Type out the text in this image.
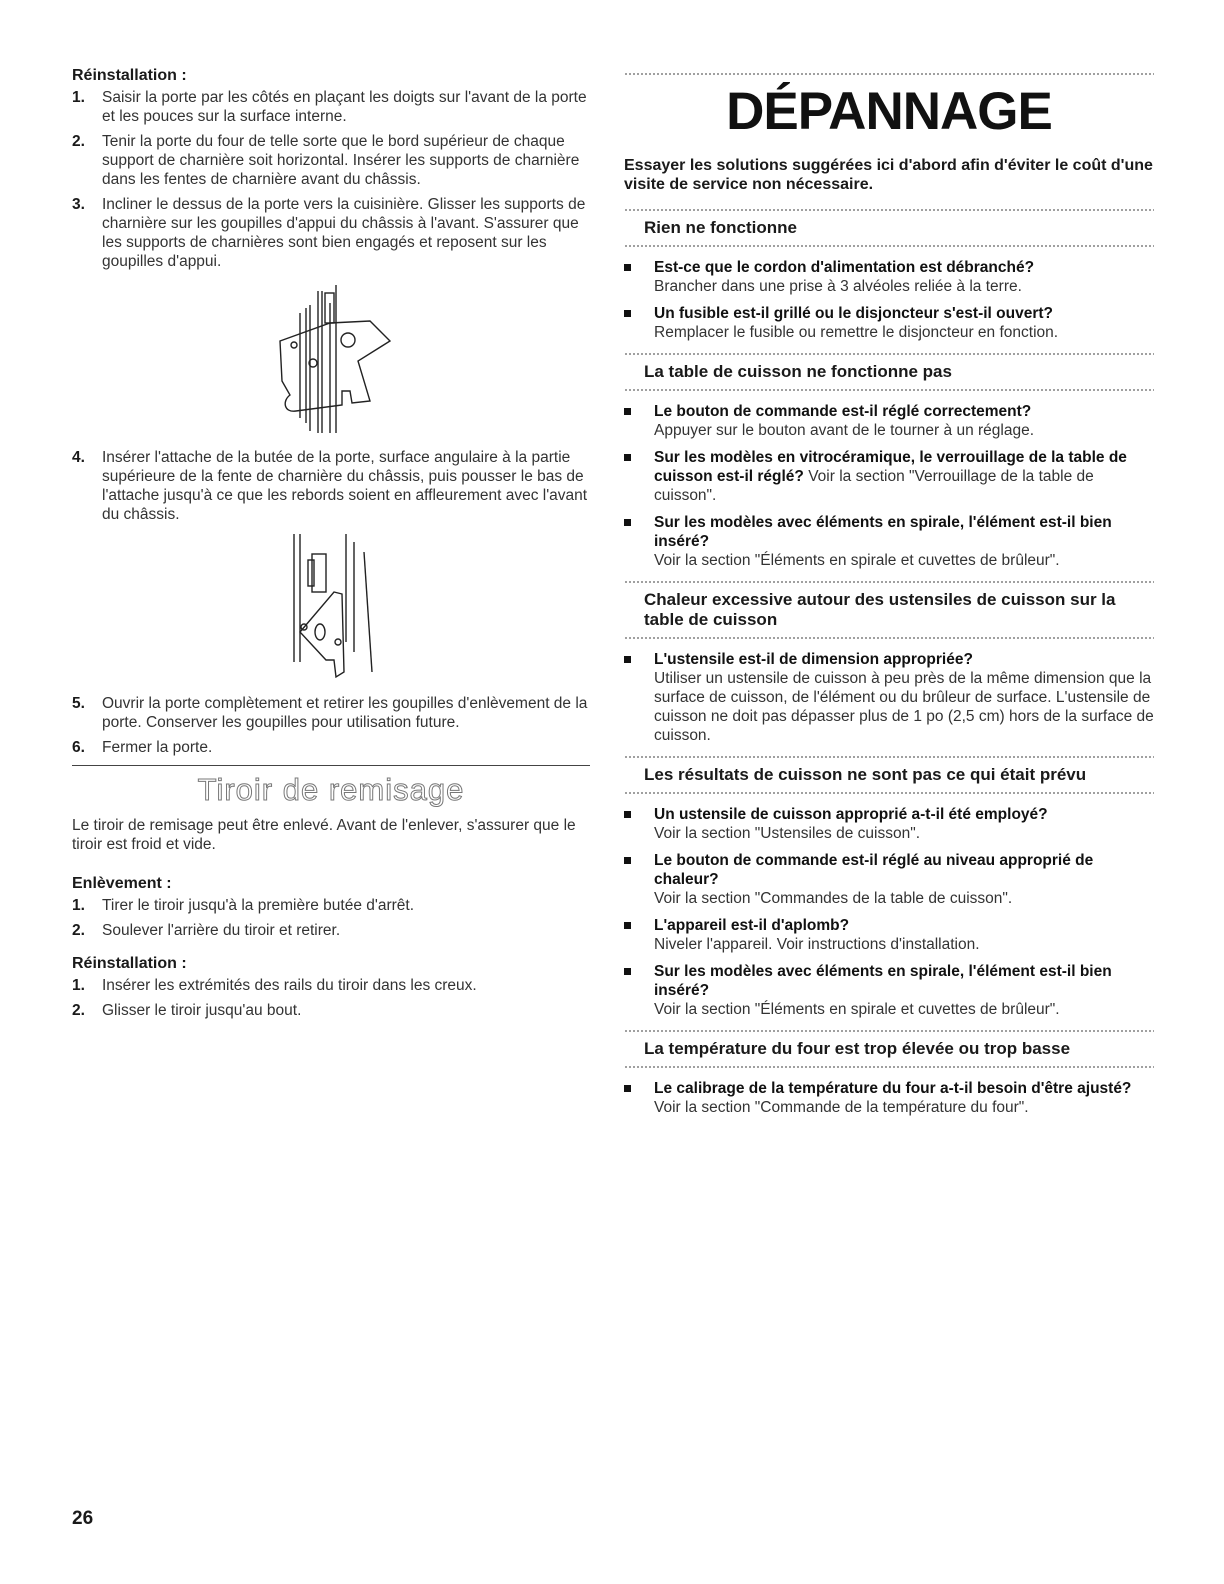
Réinstallation :
1. Saisir la porte par les côtés en plaçant les doigts sur l'avant de la porte et les pouces sur la surface interne.
2. Tenir la porte du four de telle sorte que le bord supérieur de chaque support de charnière soit horizontal. Insérer les supports de charnière dans les fentes de charnière avant du châssis.
3. Incliner le dessus de la porte vers la cuisinière. Glisser les supports de charnière sur les goupilles d'appui du châssis à l'avant. S'assurer que les supports de charnières sont bien engagés et reposent sur les goupilles d'appui.
4. Insérer l'attache de la butée de la porte, surface angulaire à la partie supérieure de la fente de charnière du châssis, puis pousser le bas de l'attache jusqu'à ce que les rebords soient en affleurement avec l'avant du châssis.
5. Ouvrir la porte complètement et retirer les goupilles d'enlèvement de la porte. Conserver les goupilles pour utilisation future.
6. Fermer la porte.
Tiroir de remisage

Le tiroir de remisage peut être enlevé. Avant de l'enlever, s'assurer que le tiroir est froid et vide.

Enlèvement :
1. Tirer le tiroir jusqu'à la première butée d'arrêt.
2. Soulever l'arrière du tiroir et retirer.
Réinstallation :
1. Insérer les extrémités des rails du tiroir dans les creux.
2. Glisser le tiroir jusqu'au bout.
DÉPANNAGE

Essayer les solutions suggérées ici d'abord afin d'éviter le coût d'une visite de service non nécessaire.

Rien ne fonctionne
Est-ce que le cordon d'alimentation est débranché?
Brancher dans une prise à 3 alvéoles reliée à la terre.
Un fusible est-il grillé ou le disjoncteur s'est-il ouvert?
Remplacer le fusible ou remettre le disjoncteur en fonction.
La table de cuisson ne fonctionne pas
Le bouton de commande est-il réglé correctement?
Appuyer sur le bouton avant de le tourner à un réglage.
Sur les modèles en vitrocéramique, le verrouillage de la table de cuisson est-il réglé? Voir la section "Verrouillage de la table de cuisson".
Sur les modèles avec éléments en spirale, l'élément est-il bien inséré?
Voir la section "Éléments en spirale et cuvettes de brûleur".
Chaleur excessive autour des ustensiles de cuisson sur la table de cuisson
L'ustensile est-il de dimension appropriée?
Utiliser un ustensile de cuisson à peu près de la même dimension que la surface de cuisson, de l'élément ou du brûleur de surface. L'ustensile de cuisson ne doit pas dépasser plus de 1 po (2,5 cm) hors de la surface de cuisson.
Les résultats de cuisson ne sont pas ce qui était prévu
Un ustensile de cuisson approprié a-t-il été employé?
Voir la section "Ustensiles de cuisson".
Le bouton de commande est-il réglé au niveau approprié de chaleur?
Voir la section "Commandes de la table de cuisson".
L'appareil est-il d'aplomb?
Niveler l'appareil. Voir instructions d'installation.
Sur les modèles avec éléments en spirale, l'élément est-il bien inséré?
Voir la section "Éléments en spirale et cuvettes de brûleur".
La température du four est trop élevée ou trop basse
Le calibrage de la température du four a-t-il besoin d'être ajusté? Voir la section "Commande de la température du four".
26
